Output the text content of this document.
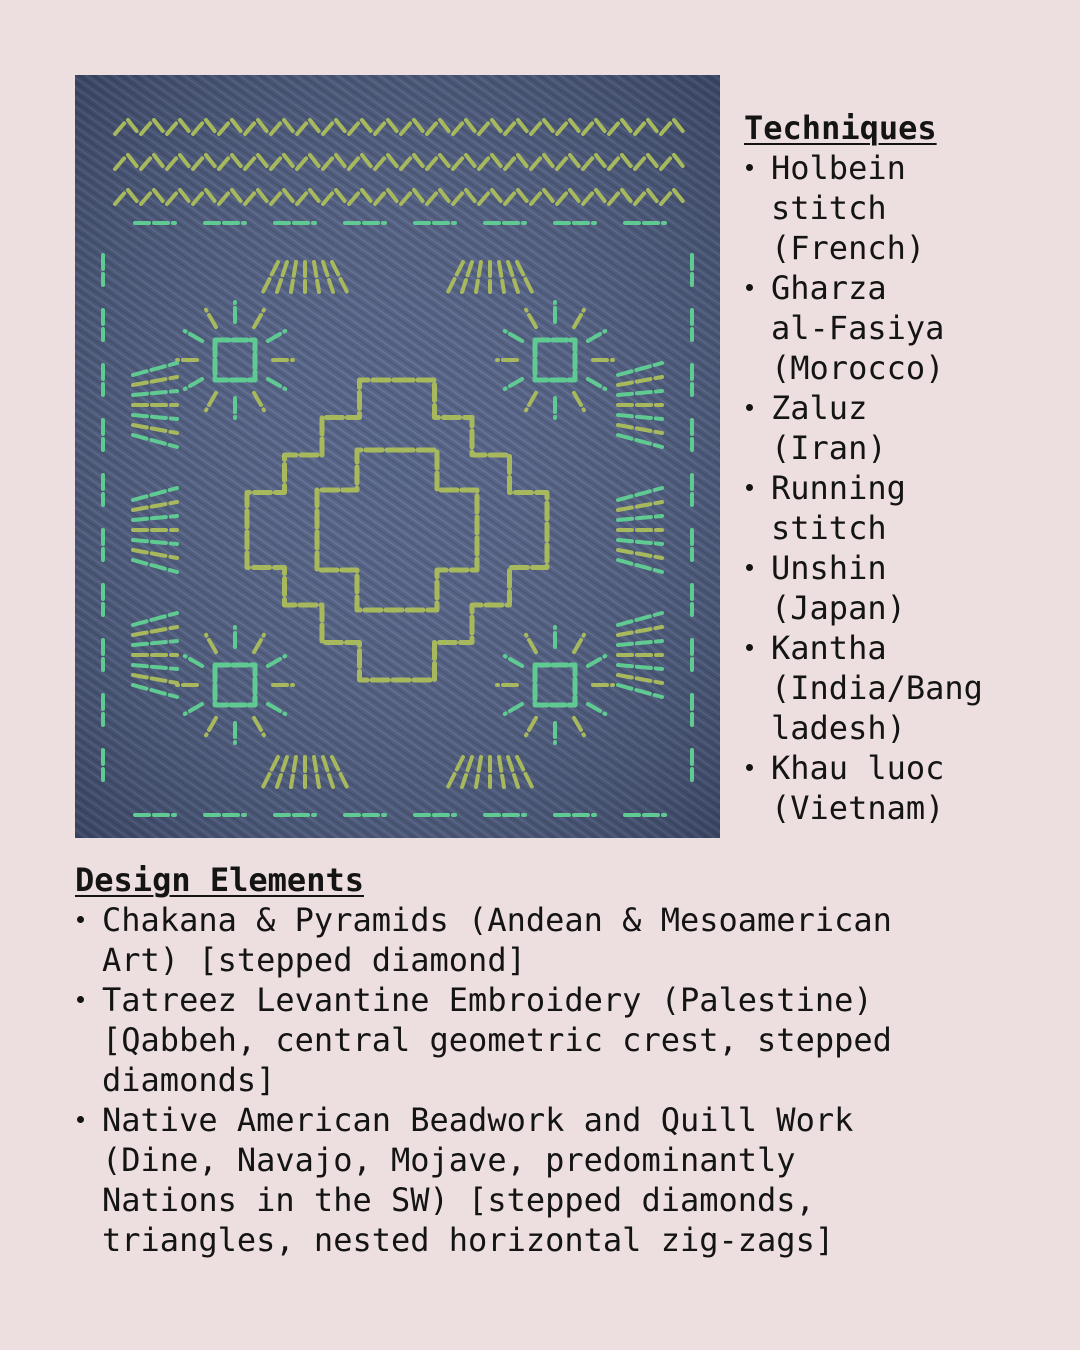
Techniques
Holbein
stitch
(French)
Gharza
al-Fasiya
(Morocco)
Zaluz
(Iran)
Running
stitch
Unshin
(Japan)
Kantha
(India/Bang
ladesh)
Khau luoc
(Vietnam)
Design Elements
Chakana & Pyramids (Andean & Mesoamerican
Art) [stepped diamond]
Tatreez Levantine Embroidery (Palestine)
[Qabbeh, central geometric crest, stepped
diamonds]
Native American Beadwork and Quill Work
(Dine, Navajo, Mojave, predominantly
Nations in the SW) [stepped diamonds,
triangles, nested horizontal zig-zags]
